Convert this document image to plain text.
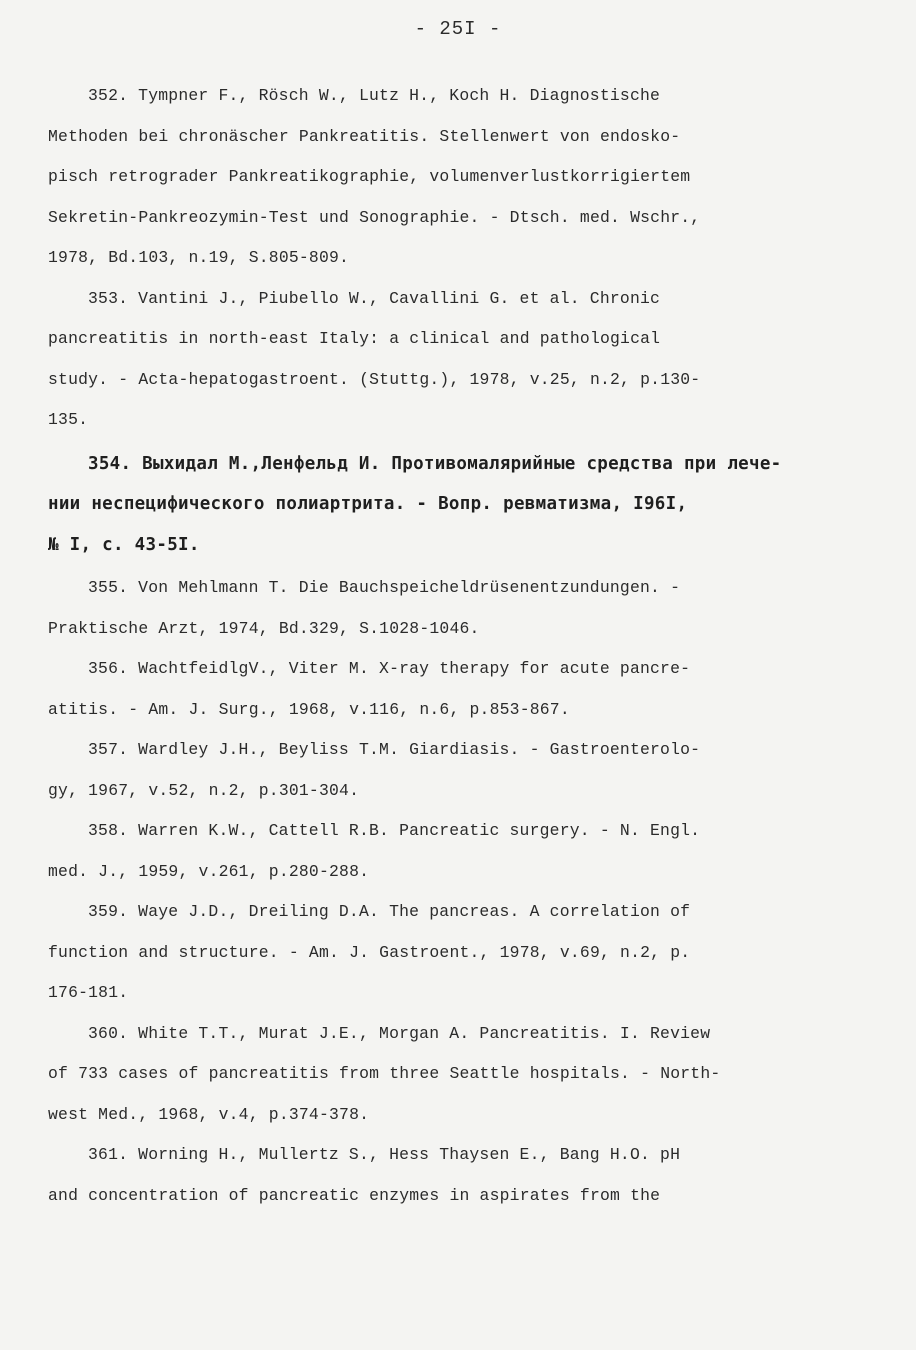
- 25I -

352. Tympner F., Rösch W., Lutz H., Koch H. Diagnostische
Methoden bei chronäscher Pankreatitis. Stellenwert von endosko-
pisch retrograder Pankreatikographie, volumenverlustkorrigiertem
Sekretin-Pankreozymin-Test und Sonographie. - Dtsch. med. Wschr.,
1978, Bd.103, n.19, S.805-809.

353. Vantini J., Piubello W., Cavallini G. et al. Chronic
pancreatitis in north-east Italy: a clinical and pathological
study. - Acta-hepatogastroent. (Stuttg.), 1978, v.25, n.2, p.130-
135.

354. Выхидал М.,Ленфельд И. Противомалярийные средства при лече-
нии неспецифического полиартрита. - Вопр. ревматизма, I96I,
№ I, с. 43-5I.

355. Von Mehlmann T. Die Bauchspeicheldrüsenentzundungen. -
Praktische Arzt, 1974, Bd.329, S.1028-1046.

356. WachtfeidlgV., Viter M. X-ray therapy for acute pancre-
atitis. - Am. J. Surg., 1968, v.116, n.6, p.853-867.

357. Wardley J.H., Beyliss T.M. Giardiasis. - Gastroenterolo-
gy, 1967, v.52, n.2, p.301-304.

358. Warren K.W., Cattell R.B. Pancreatic surgery. - N. Engl.
med. J., 1959, v.261, p.280-288.

359. Waye J.D., Dreiling D.A. The pancreas. A correlation of
function and structure. - Am. J. Gastroent., 1978, v.69, n.2, p.
176-181.

360. White T.T., Murat J.E., Morgan A. Pancreatitis. I. Review
of 733 cases of pancreatitis from three Seattle hospitals. - North-
west Med., 1968, v.4, p.374-378.

361. Worning H., Mullertz S., Hess Thaysen E., Bang H.O. pH
and concentration of pancreatic enzymes in aspirates from the
